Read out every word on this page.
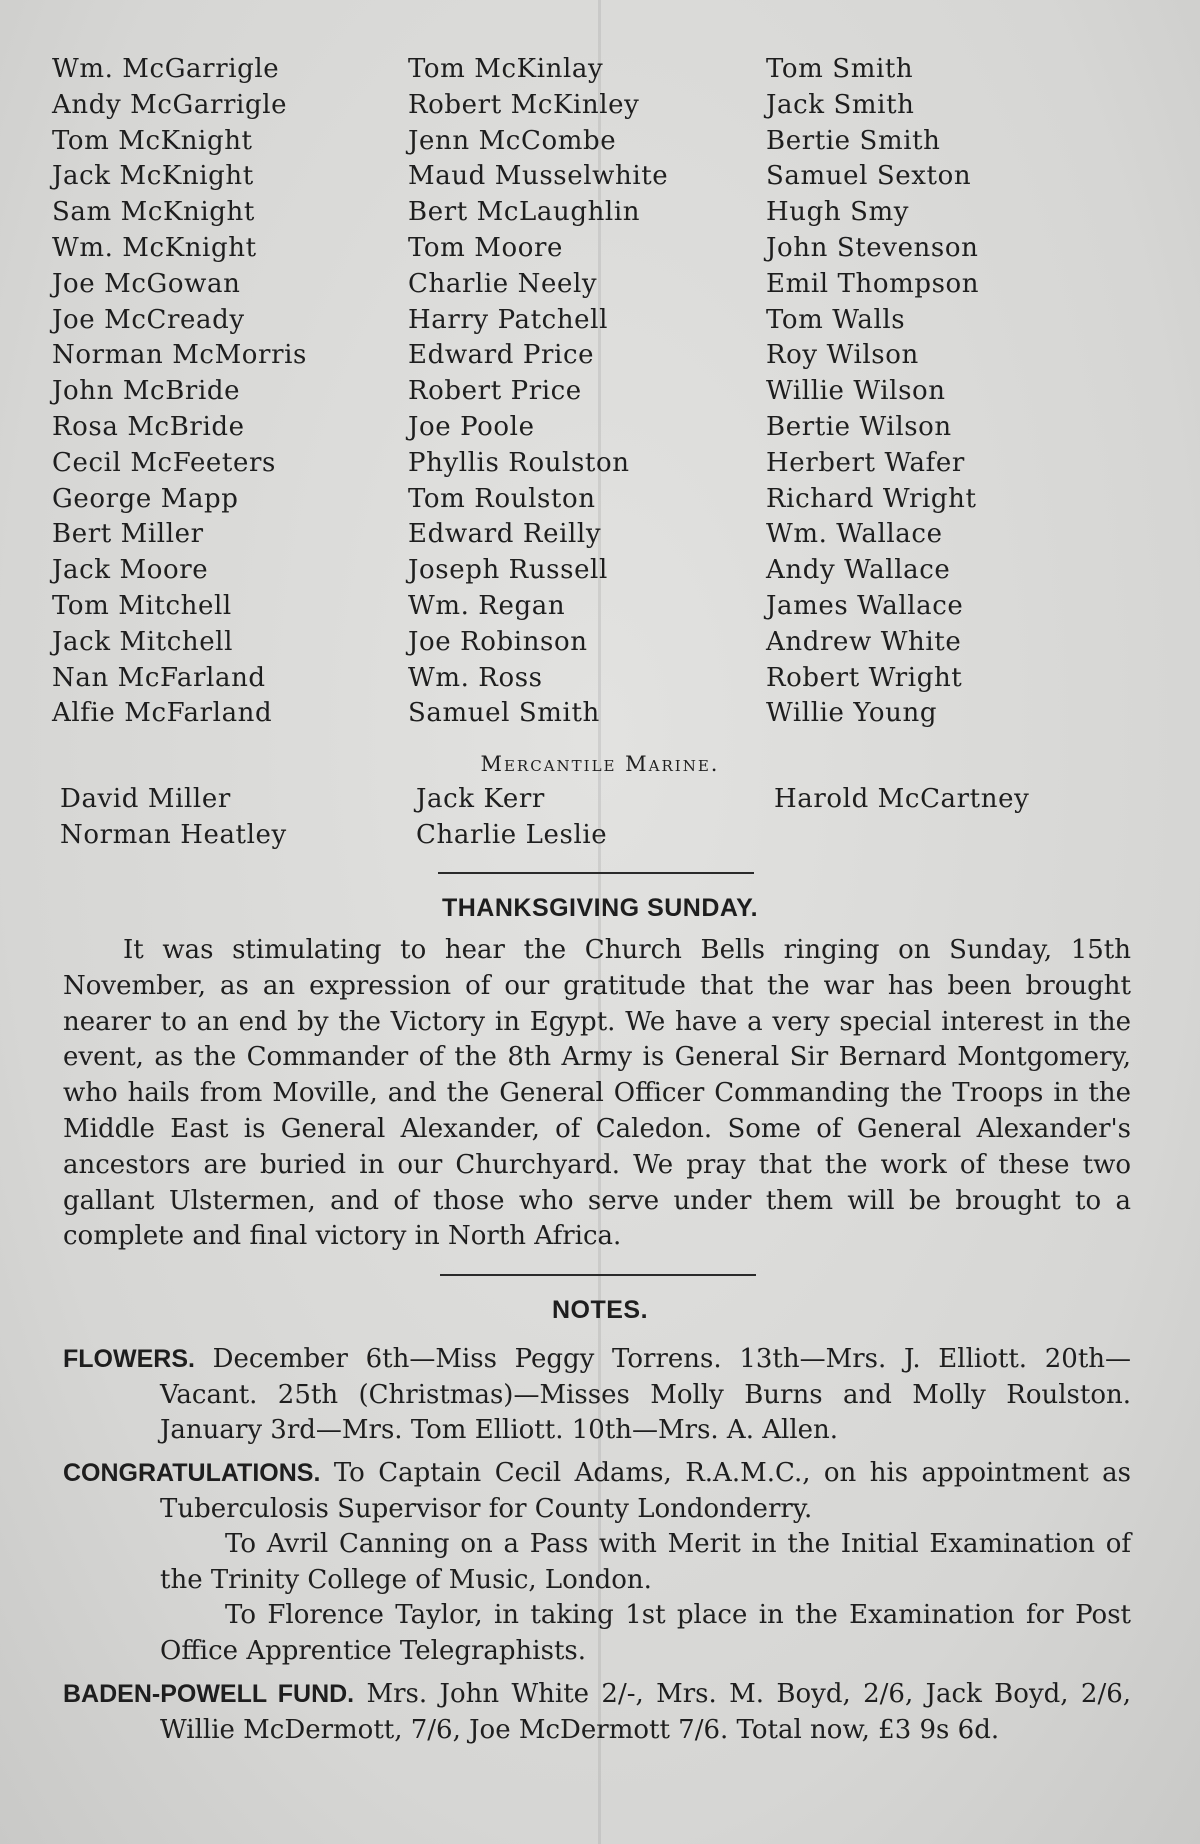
Wm. McGarrigle
Andy McGarrigle
Tom McKnight
Jack McKnight
Sam McKnight
Wm. McKnight
Joe McGowan
Joe McCready
Norman McMorris
John McBride
Rosa McBride
Cecil McFeeters
George Mapp
Bert Miller
Jack Moore
Tom Mitchell
Jack Mitchell
Nan McFarland
Alfie McFarland
Tom McKinlay
Robert McKinley
Jenn McCombe
Maud Musselwhite
Bert McLaughlin
Tom Moore
Charlie Neely
Harry Patchell
Edward Price
Robert Price
Joe Poole
Phyllis Roulston
Tom Roulston
Edward Reilly
Joseph Russell
Wm. Regan
Joe Robinson
Wm. Ross
Samuel Smith
Tom Smith
Jack Smith
Bertie Smith
Samuel Sexton
Hugh Smy
John Stevenson
Emil Thompson
Tom Walls
Roy Wilson
Willie Wilson
Bertie Wilson
Herbert Wafer
Richard Wright
Wm. Wallace
Andy Wallace
James Wallace
Andrew White
Robert Wright
Willie Young
Mercantile Marine.
David Miller
Norman Heatley
Jack Kerr
Charlie Leslie
Harold McCartney
THANKSGIVING SUNDAY.
It was stimulating to hear the Church Bells ringing on Sunday, 15th November, as an expression of our gratitude that the war has been brought nearer to an end by the Victory in Egypt. We have a very special interest in the event, as the Commander of the 8th Army is General Sir Bernard Montgomery, who hails from Moville, and the General Officer Commanding the Troops in the Middle East is General Alexander, of Caledon. Some of General Alexander's ancestors are buried in our Churchyard. We pray that the work of these two gallant Ulstermen, and of those who serve under them will be brought to a complete and final victory in North Africa.
NOTES.
FLOWERS. December 6th—Miss Peggy Torrens. 13th—Mrs. J. Elliott. 20th—Vacant. 25th (Christmas)—Misses Molly Burns and Molly Roulston. January 3rd—Mrs. Tom Elliott. 10th—Mrs. A. Allen.
CONGRATULATIONS. To Captain Cecil Adams, R.A.M.C., on his appointment as Tuberculosis Supervisor for County Londonderry.
To Avril Canning on a Pass with Merit in the Initial Examination of the Trinity College of Music, London.
To Florence Taylor, in taking 1st place in the Examination for Post Office Apprentice Telegraphists.
BADEN-POWELL FUND. Mrs. John White 2/-, Mrs. M. Boyd, 2/6, Jack Boyd, 2/6, Willie McDermott, 7/6, Joe McDermott 7/6. Total now, £3 9s 6d.
